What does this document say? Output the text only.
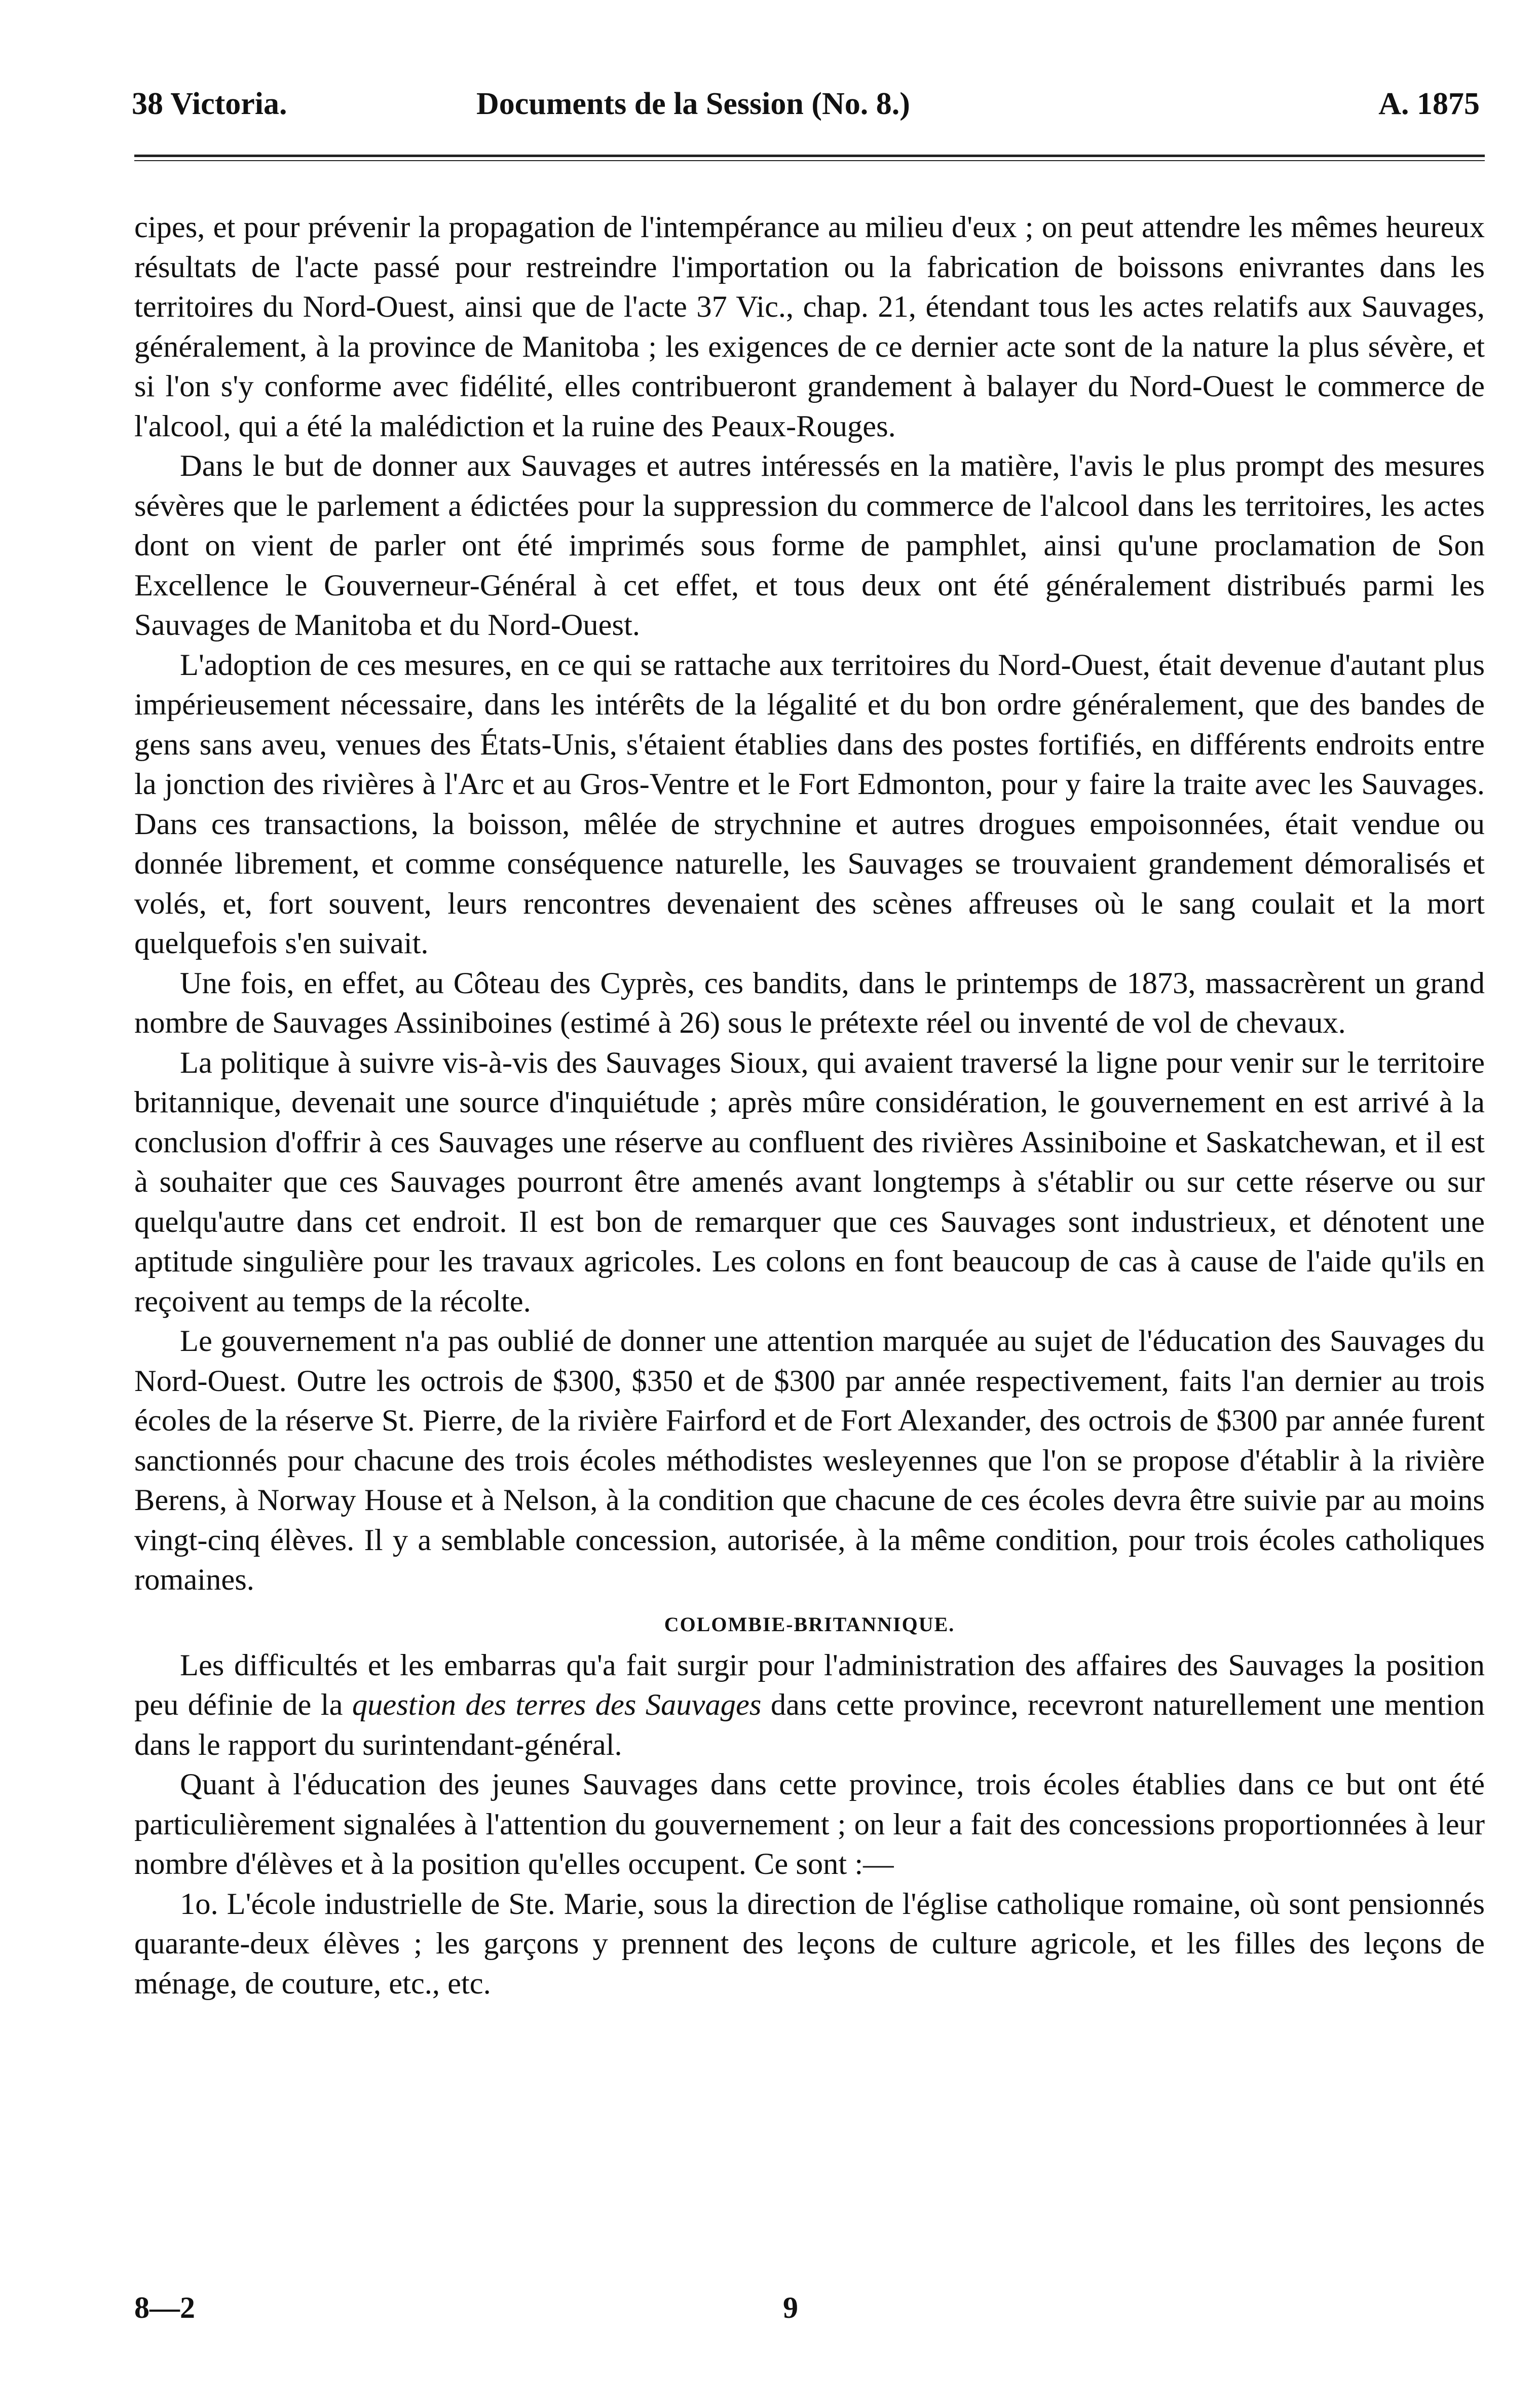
38 Victoria.	Documents de la Session (No. 8.)	A. 1875

cipes, et pour prévenir la propagation de l'intempérance au milieu d'eux ; on peut attendre les mêmes heureux résultats de l'acte passé pour restreindre l'importation ou la fabrication de boissons enivrantes dans les territoires du Nord-Ouest, ainsi que de l'acte 37 Vic., chap. 21, étendant tous les actes relatifs aux Sauvages, généralement, à la province de Manitoba ; les exigences de ce dernier acte sont de la nature la plus sévère, et si l'on s'y conforme avec fidélité, elles contribueront grandement à balayer du Nord-Ouest le commerce de l'alcool, qui a été la malédiction et la ruine des Peaux-Rouges.

Dans le but de donner aux Sauvages et autres intéressés en la matière, l'avis le plus prompt des mesures sévères que le parlement a édictées pour la suppression du commerce de l'alcool dans les territoires, les actes dont on vient de parler ont été imprimés sous forme de pamphlet, ainsi qu'une proclamation de Son Excellence le Gouverneur-Général à cet effet, et tous deux ont été généralement distribués parmi les Sauvages de Manitoba et du Nord-Ouest.

L'adoption de ces mesures, en ce qui se rattache aux territoires du Nord-Ouest, était devenue d'autant plus impérieusement nécessaire, dans les intérêts de la légalité et du bon ordre généralement, que des bandes de gens sans aveu, venues des États-Unis, s'étaient établies dans des postes fortifiés, en différents endroits entre la jonction des rivières à l'Arc et au Gros-Ventre et le Fort Edmonton, pour y faire la traite avec les Sauvages. Dans ces transactions, la boisson, mêlée de strychnine et autres drogues empoisonnées, était vendue ou donnée librement, et comme conséquence naturelle, les Sauvages se trouvaient grandement démoralisés et volés, et, fort souvent, leurs rencontres devenaient des scènes affreuses où le sang coulait et la mort quelquefois s'en suivait.

Une fois, en effet, au Côteau des Cyprès, ces bandits, dans le printemps de 1873, massacrèrent un grand nombre de Sauvages Assiniboines (estimé à 26) sous le prétexte réel ou inventé de vol de chevaux.

La politique à suivre vis-à-vis des Sauvages Sioux, qui avaient traversé la ligne pour venir sur le territoire britannique, devenait une source d'inquiétude ; après mûre considération, le gouvernement en est arrivé à la conclusion d'offrir à ces Sauvages une réserve au confluent des rivières Assiniboine et Saskatchewan, et il est à souhaiter que ces Sauvages pourront être amenés avant longtemps à s'établir ou sur cette réserve ou sur quelqu'autre dans cet endroit. Il est bon de remarquer que ces Sauvages sont industrieux, et dénotent une aptitude singulière pour les travaux agricoles. Les colons en font beaucoup de cas à cause de l'aide qu'ils en reçoivent au temps de la récolte.

Le gouvernement n'a pas oublié de donner une attention marquée au sujet de l'éducation des Sauvages du Nord-Ouest. Outre les octrois de $300, $350 et de $300 par année respectivement, faits l'an dernier au trois écoles de la réserve St. Pierre, de la rivière Fairford et de Fort Alexander, des octrois de $300 par année furent sanctionnés pour chacune des trois écoles méthodistes wesleyennes que l'on se propose d'établir à la rivière Berens, à Norway House et à Nelson, à la condition que chacune de ces écoles devra être suivie par au moins vingt-cinq élèves. Il y a semblable concession, autorisée, à la même condition, pour trois écoles catholiques romaines.

COLOMBIE-BRITANNIQUE.

Les difficultés et les embarras qu'a fait surgir pour l'administration des affaires des Sauvages la position peu définie de la question des terres des Sauvages dans cette province, recevront naturellement une mention dans le rapport du surintendant-général.

Quant à l'éducation des jeunes Sauvages dans cette province, trois écoles établies dans ce but ont été particulièrement signalées à l'attention du gouvernement ; on leur a fait des concessions proportionnées à leur nombre d'élèves et à la position qu'elles occupent. Ce sont :—

1o. L'école industrielle de Ste. Marie, sous la direction de l'église catholique romaine, où sont pensionnés quarante-deux élèves ; les garçons y prennent des leçons de culture agricole, et les filles des leçons de ménage, de couture, etc., etc.

8—2	9
